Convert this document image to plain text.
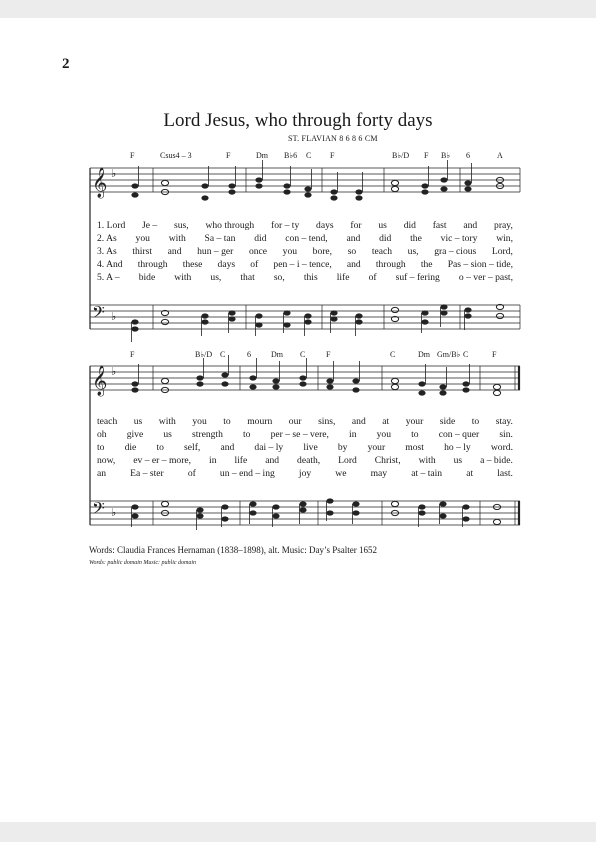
2
Lord Jesus, who through forty days
ST. FLAVIAN 8 6 8 6 CM
F	Csus4 – 3	F	Dm B♭6 C F	B♭/D F B♭ 6	A
F	B♭/D C	6	Dm C	F	C	Dm Gm/B♭ C	F
𝄞
𝄢
𝄞
𝄢
♭
♭
♭
♭
1. Lord Je – sus, who through for – ty days for us did fast and pray,
2. As you with Sa – tan did con – tend, and did the vic – tory win,
3. As thirst and hun – ger once you bore, so teach us, gra – cious Lord,
4. And through these days of pen – i – tence, and through the Pas – sion – tide,
5. A – bide with us, that so, this life of suf – fering o – ver – past,
teach us with you to mourn our sins, and at your side to stay.
oh give us strength to per – se – vere, in you to con – quer sin.
to die to self, and dai – ly live by your most ho – ly word.
now, ev – er – more, in life and death, Lord Christ, with us a – bide.
an	Ea – ster	of	un – end – ing	joy	we	may	at – tain	at	last.
Words: Claudia Frances Hernaman (1838–1898), alt. Music: Day’s Psalter 1652
Words: public domain Music: public domain
